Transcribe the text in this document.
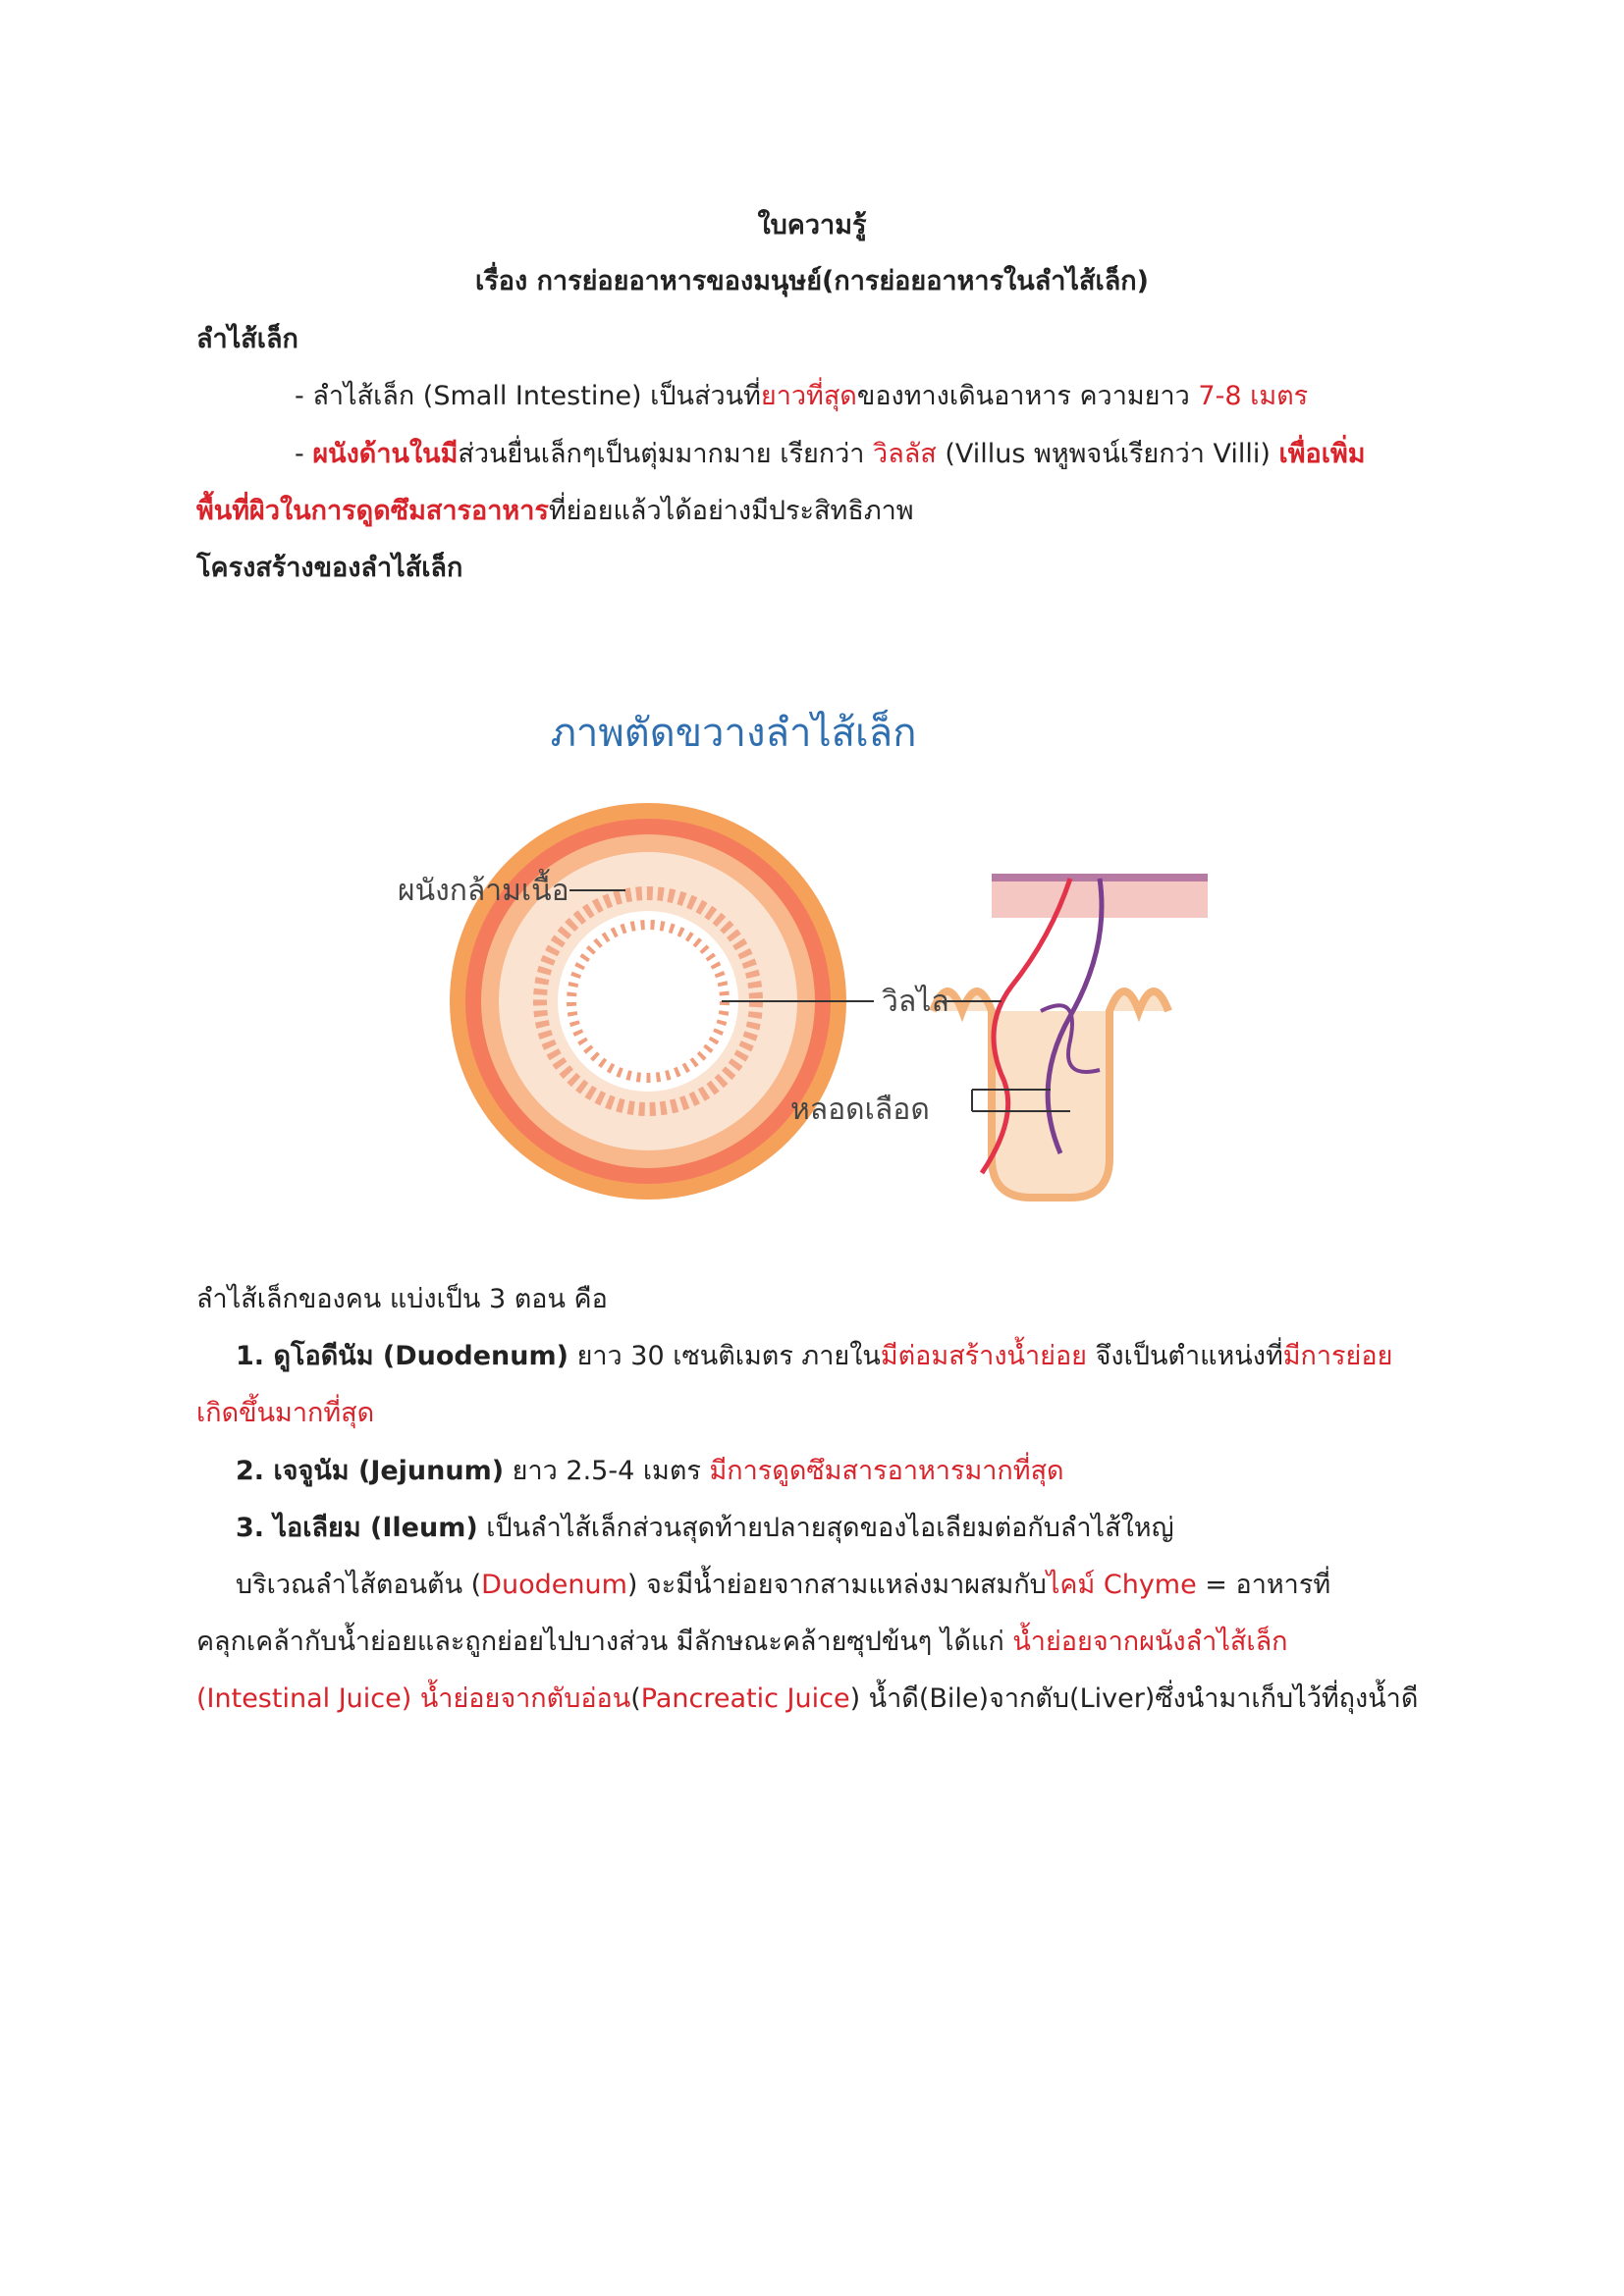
ใบความรู้
เรื่อง การย่อยอาหารของมนุษย์(การย่อยอาหารในลำไส้เล็ก)
ลำไส้เล็ก
- ลำไส้เล็ก (Small Intestine) เป็นส่วนที่ยาวที่สุดของทางเดินอาหาร ความยาว 7-8 เมตร
- ผนังด้านในมีส่วนยื่นเล็กๆเป็นตุ่มมากมาย เรียกว่า วิลลัส (Villus พหูพจน์เรียกว่า Villi) เพื่อเพิ่ม
พื้นที่ผิวในการดูดซึมสารอาหารที่ย่อยแล้วได้อย่างมีประสิทธิภาพ
โครงสร้างของลำไส้เล็ก
ภาพตัดขวางลำไส้เล็ก
ผนังกล้ามเนื้อ
วิลไล
หลอดเลือด
ลำไส้เล็กของคน แบ่งเป็น 3 ตอน คือ
1. ดูโอดีนัม (Duodenum) ยาว 30 เซนติเมตร ภายในมีต่อมสร้างน้ำย่อย จึงเป็นตำแหน่งที่มีการย่อย
เกิดขึ้นมากที่สุด
2. เจจูนัม (Jejunum) ยาว 2.5-4 เมตร มีการดูดซึมสารอาหารมากที่สุด
3. ไอเลียม (Ileum) เป็นลำไส้เล็กส่วนสุดท้ายปลายสุดของไอเลียมต่อกับลำไส้ใหญ่
บริเวณลำไส้ตอนต้น (Duodenum) จะมีน้ำย่อยจากสามแหล่งมาผสมกับไคม์ Chyme = อาหารที่
คลุกเคล้ากับน้ำย่อยและถูกย่อยไปบางส่วน มีลักษณะคล้ายซุปข้นๆ ได้แก่ น้ำย่อยจากผนังลำไส้เล็ก
(Intestinal Juice) น้ำย่อยจากตับอ่อน(Pancreatic Juice) น้ำดี(Bile)จากตับ(Liver)ซึ่งนำมาเก็บไว้ที่ถุงน้ำดี
